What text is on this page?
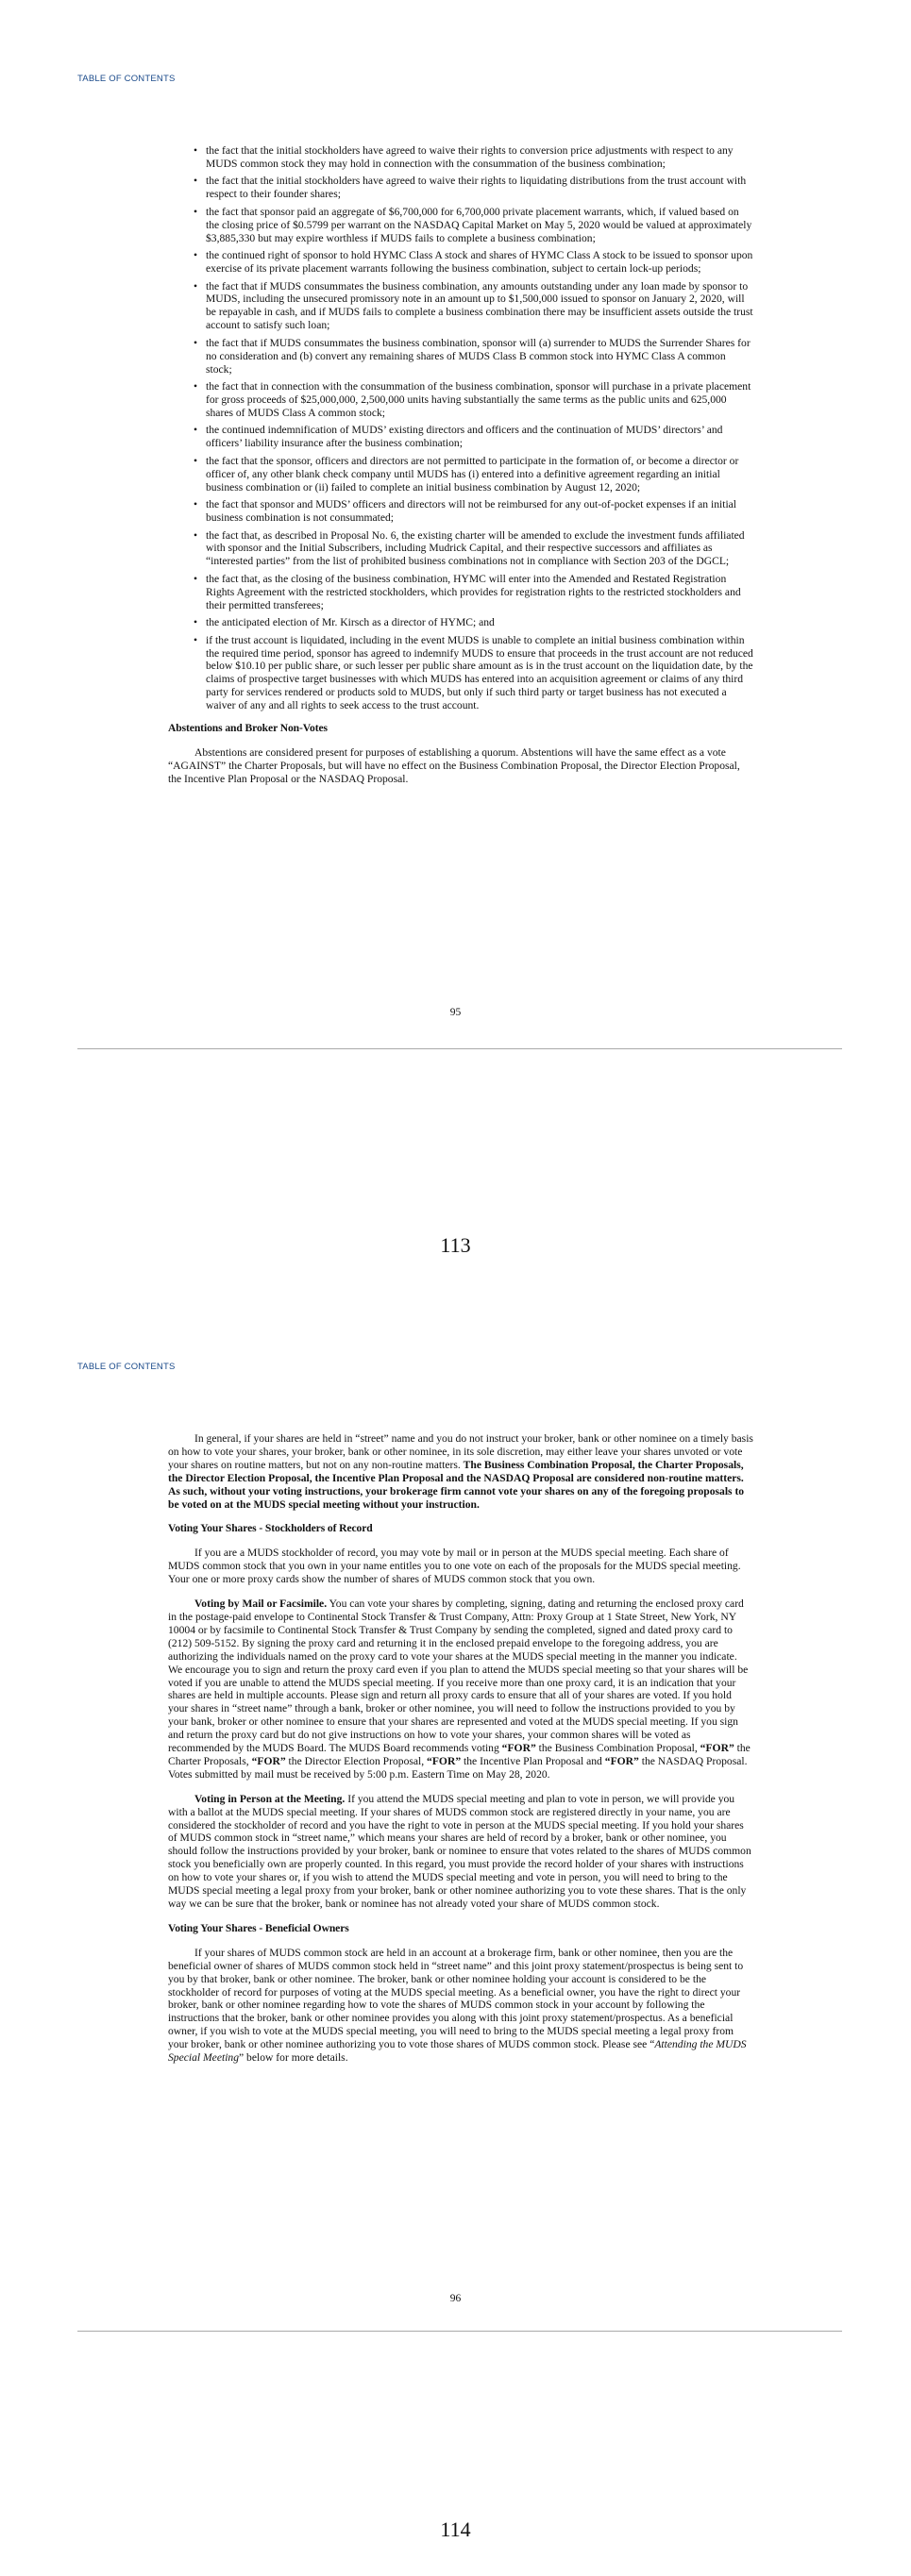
TABLE OF CONTENTS
• the fact that the initial stockholders have agreed to waive their rights to conversion price adjustments with respect to any MUDS common stock they may hold in connection with the consummation of the business combination;
• the fact that the initial stockholders have agreed to waive their rights to liquidating distributions from the trust account with respect to their founder shares;
• the fact that sponsor paid an aggregate of $6,700,000 for 6,700,000 private placement warrants, which, if valued based on the closing price of $0.5799 per warrant on the NASDAQ Capital Market on May 5, 2020 would be valued at approximately $3,885,330 but may expire worthless if MUDS fails to complete a business combination;
• the continued right of sponsor to hold HYMC Class A stock and shares of HYMC Class A stock to be issued to sponsor upon exercise of its private placement warrants following the business combination, subject to certain lock-up periods;
• the fact that if MUDS consummates the business combination, any amounts outstanding under any loan made by sponsor to MUDS, including the unsecured promissory note in an amount up to $1,500,000 issued to sponsor on January 2, 2020, will be repayable in cash, and if MUDS fails to complete a business combination there may be insufficient assets outside the trust account to satisfy such loan;
• the fact that if MUDS consummates the business combination, sponsor will (a) surrender to MUDS the Surrender Shares for no consideration and (b) convert any remaining shares of MUDS Class B common stock into HYMC Class A common stock;
• the fact that in connection with the consummation of the business combination, sponsor will purchase in a private placement for gross proceeds of $25,000,000, 2,500,000 units having substantially the same terms as the public units and 625,000 shares of MUDS Class A common stock;
• the continued indemnification of MUDS’ existing directors and officers and the continuation of MUDS’ directors’ and officers’ liability insurance after the business combination;
• the fact that the sponsor, officers and directors are not permitted to participate in the formation of, or become a director or officer of, any other blank check company until MUDS has (i) entered into a definitive agreement regarding an initial business combination or (ii) failed to complete an initial business combination by August 12, 2020;
• the fact that sponsor and MUDS’ officers and directors will not be reimbursed for any out-of-pocket expenses if an initial business combination is not consummated;
• the fact that, as described in Proposal No. 6, the existing charter will be amended to exclude the investment funds affiliated with sponsor and the Initial Subscribers, including Mudrick Capital, and their respective successors and affiliates as “interested parties” from the list of prohibited business combinations not in compliance with Section 203 of the DGCL;
• the fact that, as the closing of the business combination, HYMC will enter into the Amended and Restated Registration Rights Agreement with the restricted stockholders, which provides for registration rights to the restricted stockholders and their permitted transferees;
• the anticipated election of Mr. Kirsch as a director of HYMC; and
• if the trust account is liquidated, including in the event MUDS is unable to complete an initial business combination within the required time period, sponsor has agreed to indemnify MUDS to ensure that proceeds in the trust account are not reduced below $10.10 per public share, or such lesser per public share amount as is in the trust account on the liquidation date, by the claims of prospective target businesses with which MUDS has entered into an acquisition agreement or claims of any third party for services rendered or products sold to MUDS, but only if such third party or target business has not executed a waiver of any and all rights to seek access to the trust account.
Abstentions and Broker Non-Votes

Abstentions are considered present for purposes of establishing a quorum. Abstentions will have the same effect as a vote “AGAINST” the Charter Proposals, but will have no effect on the Business Combination Proposal, the Director Election Proposal, the Incentive Plan Proposal or the NASDAQ Proposal.

95
113
TABLE OF CONTENTS

In general, if your shares are held in “street” name and you do not instruct your broker, bank or other nominee on a timely basis on how to vote your shares, your broker, bank or other nominee, in its sole discretion, may either leave your shares unvoted or vote your shares on routine matters, but not on any non-routine matters. The Business Combination Proposal, the Charter Proposals, the Director Election Proposal, the Incentive Plan Proposal and the NASDAQ Proposal are considered non-routine matters. As such, without your voting instructions, your brokerage firm cannot vote your shares on any of the foregoing proposals to be voted on at the MUDS special meeting without your instruction.

Voting Your Shares - Stockholders of Record

If you are a MUDS stockholder of record, you may vote by mail or in person at the MUDS special meeting. Each share of MUDS common stock that you own in your name entitles you to one vote on each of the proposals for the MUDS special meeting. Your one or more proxy cards show the number of shares of MUDS common stock that you own.

Voting by Mail or Facsimile. You can vote your shares by completing, signing, dating and returning the enclosed proxy card in the postage-paid envelope to Continental Stock Transfer & Trust Company, Attn: Proxy Group at 1 State Street, New York, NY 10004 or by facsimile to Continental Stock Transfer & Trust Company by sending the completed, signed and dated proxy card to (212) 509-5152. By signing the proxy card and returning it in the enclosed prepaid envelope to the foregoing address, you are authorizing the individuals named on the proxy card to vote your shares at the MUDS special meeting in the manner you indicate. We encourage you to sign and return the proxy card even if you plan to attend the MUDS special meeting so that your shares will be voted if you are unable to attend the MUDS special meeting. If you receive more than one proxy card, it is an indication that your shares are held in multiple accounts. Please sign and return all proxy cards to ensure that all of your shares are voted. If you hold your shares in “street name” through a bank, broker or other nominee, you will need to follow the instructions provided to you by your bank, broker or other nominee to ensure that your shares are represented and voted at the MUDS special meeting. If you sign and return the proxy card but do not give instructions on how to vote your shares, your common shares will be voted as recommended by the MUDS Board. The MUDS Board recommends voting “FOR” the Business Combination Proposal, “FOR” the Charter Proposals, “FOR” the Director Election Proposal, “FOR” the Incentive Plan Proposal and “FOR” the NASDAQ Proposal. Votes submitted by mail must be received by 5:00 p.m. Eastern Time on May 28, 2020.

Voting in Person at the Meeting. If you attend the MUDS special meeting and plan to vote in person, we will provide you with a ballot at the MUDS special meeting. If your shares of MUDS common stock are registered directly in your name, you are considered the stockholder of record and you have the right to vote in person at the MUDS special meeting. If you hold your shares of MUDS common stock in “street name,” which means your shares are held of record by a broker, bank or other nominee, you should follow the instructions provided by your broker, bank or nominee to ensure that votes related to the shares of MUDS common stock you beneficially own are properly counted. In this regard, you must provide the record holder of your shares with instructions on how to vote your shares or, if you wish to attend the MUDS special meeting and vote in person, you will need to bring to the MUDS special meeting a legal proxy from your broker, bank or other nominee authorizing you to vote these shares. That is the only way we can be sure that the broker, bank or nominee has not already voted your share of MUDS common stock.

Voting Your Shares - Beneficial Owners

If your shares of MUDS common stock are held in an account at a brokerage firm, bank or other nominee, then you are the beneficial owner of shares of MUDS common stock held in “street name” and this joint proxy statement/prospectus is being sent to you by that broker, bank or other nominee. The broker, bank or other nominee holding your account is considered to be the stockholder of record for purposes of voting at the MUDS special meeting. As a beneficial owner, you have the right to direct your broker, bank or other nominee regarding how to vote the shares of MUDS common stock in your account by following the instructions that the broker, bank or other nominee provides you along with this joint proxy statement/prospectus. As a beneficial owner, if you wish to vote at the MUDS special meeting, you will need to bring to the MUDS special meeting a legal proxy from your broker, bank or other nominee authorizing you to vote those shares of MUDS common stock. Please see “Attending the MUDS Special Meeting” below for more details.

96
114
